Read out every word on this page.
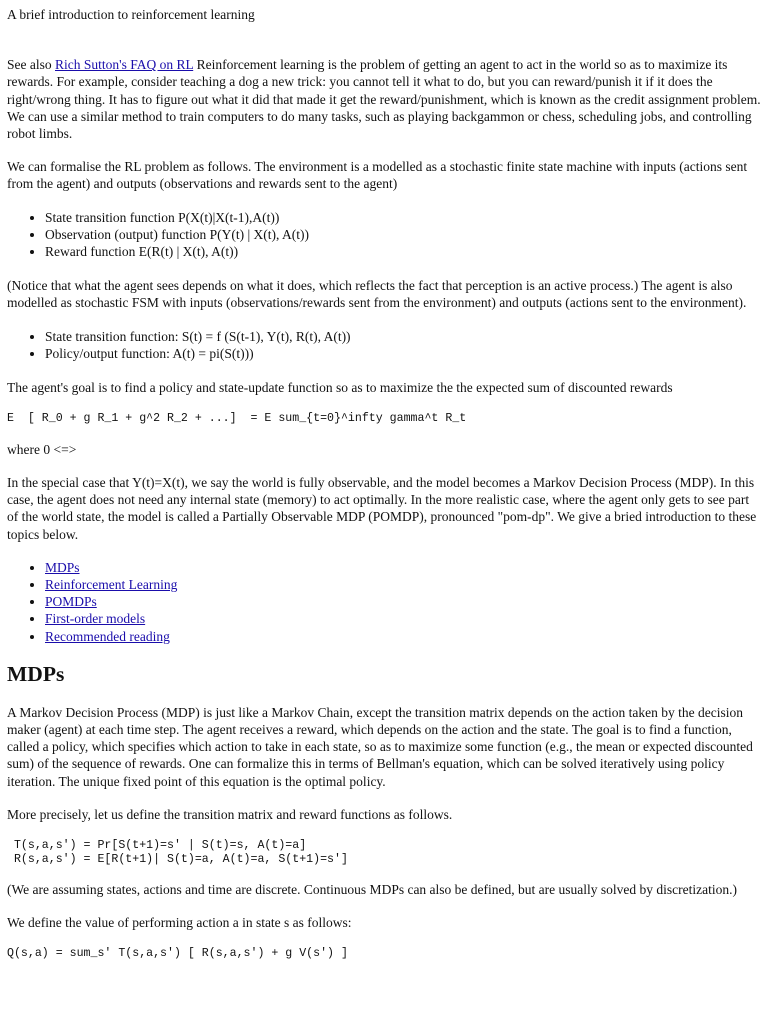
A brief introduction to reinforcement learning

See also Rich Sutton's FAQ on RL Reinforcement learning is the problem of getting an agent to act in the world so as to maximize its rewards. For example, consider teaching a dog a new trick: you cannot tell it what to do, but you can reward/punish it if it does the right/wrong thing. It has to figure out what it did that made it get the reward/punishment, which is known as the credit assignment problem. We can use a similar method to train computers to do many tasks, such as playing backgammon or chess, scheduling jobs, and controlling robot limbs.

We can formalise the RL problem as follows. The environment is a modelled as a stochastic finite state machine with inputs (actions sent from the agent) and outputs (observations and rewards sent to the agent)

• State transition function P(X(t)|X(t-1),A(t))
• Observation (output) function P(Y(t) | X(t), A(t))
• Reward function E(R(t) | X(t), A(t))

(Notice that what the agent sees depends on what it does, which reflects the fact that perception is an active process.) The agent is also modelled as stochastic FSM with inputs (observations/rewards sent from the environment) and outputs (actions sent to the environment).

• State transition function: S(t) = f (S(t-1), Y(t), R(t), A(t))
• Policy/output function: A(t) = pi(S(t)))

The agent's goal is to find a policy and state-update function so as to maximize the the expected sum of discounted rewards

E  [ R_0 + g R_1 + g^2 R_2 + ...]  = E sum_{t=0}^infty gamma^t R_t

where 0 <=>

In the special case that Y(t)=X(t), we say the world is fully observable, and the model becomes a Markov Decision Process (MDP). In this case, the agent does not need any internal state (memory) to act optimally. In the more realistic case, where the agent only gets to see part of the world state, the model is called a Partially Observable MDP (POMDP), pronounced "pom-dp". We give a bried introduction to these topics below.

• MDPs
• Reinforcement Learning
• POMDPs
• First-order models
• Recommended reading
MDPs

A Markov Decision Process (MDP) is just like a Markov Chain, except the transition matrix depends on the action taken by the decision maker (agent) at each time step. The agent receives a reward, which depends on the action and the state. The goal is to find a function, called a policy, which specifies which action to take in each state, so as to maximize some function (e.g., the mean or expected discounted sum) of the sequence of rewards. One can formalize this in terms of Bellman's equation, which can be solved iteratively using policy iteration. The unique fixed point of this equation is the optimal policy.

More precisely, let us define the transition matrix and reward functions as follows.

T(s,a,s') = Pr[S(t+1)=s' | S(t)=s, A(t)=a]
R(s,a,s') = E[R(t+1)| S(t)=a, A(t)=a, S(t+1)=s']

(We are assuming states, actions and time are discrete. Continuous MDPs can also be defined, but are usually solved by discretization.)

We define the value of performing action a in state s as follows:

Q(s,a) = sum_s' T(s,a,s') [ R(s,a,s') + g V(s') ]
